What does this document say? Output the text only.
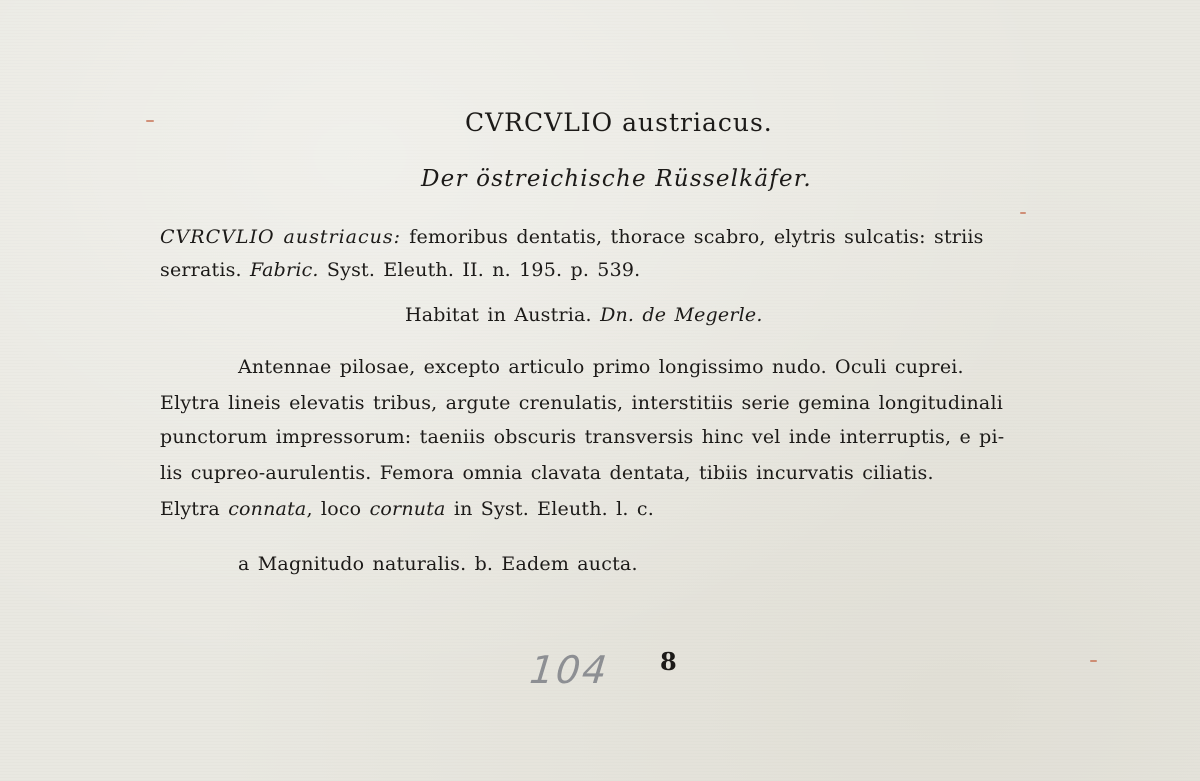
CVRCVLIO austriacus.
Der östreichische Rüsselkäfer.
CVRCVLIO austriacus: femoribus dentatis, thorace scabro, elytris sulcatis: striis
serratis. Fabric. Syst. Eleuth. II. n. 195. p. 539.
Habitat in Austria. Dn. de Megerle.
Antennae pilosae, excepto articulo primo longissimo nudo. Oculi cuprei.
Elytra lineis elevatis tribus, argute crenulatis, interstitiis serie gemina longitudinali
punctorum impressorum: taeniis obscuris transversis hinc vel inde interruptis, e pi-
lis cupreo-aurulentis. Femora omnia clavata dentata, tibiis incurvatis ciliatis.
Elytra connata, loco cornuta in Syst. Eleuth. l. c.
a Magnitudo naturalis. b. Eadem aucta.
104 8
